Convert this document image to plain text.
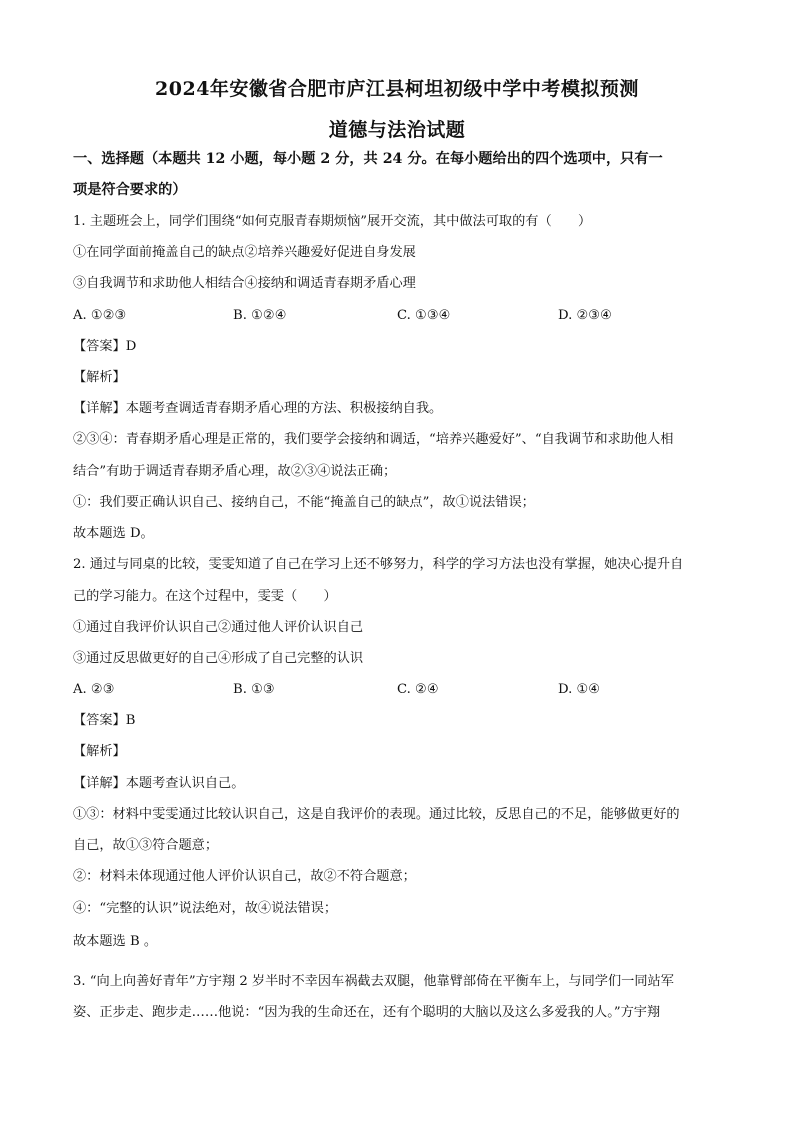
2024年安徽省合肥市庐江县柯坦初级中学中考模拟预测
道德与法治试题
一、选择题（本题共 12 小题，每小题 2 分，共 24 分。在每小题给出的四个选项中，只有一
项是符合要求的）
1. 主题班会上，同学们围绕“如何克服青春期烦恼”展开交流，其中做法可取的有（　　）
①在同学面前掩盖自己的缺点②培养兴趣爱好促进自身发展
③自我调节和求助他人相结合④接纳和调适青春期矛盾心理
A. ①②③	B. ①②④	C. ①③④	D. ②③④
【答案】D
【解析】
【详解】本题考查调适青春期矛盾心理的方法、积极接纳自我。
②③④：青春期矛盾心理是正常的，我们要学会接纳和调适，“培养兴趣爱好”、“自我调节和求助他人相
结合”有助于调适青春期矛盾心理，故②③④说法正确；
①：我们要正确认识自己、接纳自己，不能“掩盖自己的缺点”，故①说法错误；
故本题选 D。
2. 通过与同桌的比较，雯雯知道了自己在学习上还不够努力，科学的学习方法也没有掌握，她决心提升自
己的学习能力。在这个过程中，雯雯（　　）
①通过自我评价认识自己②通过他人评价认识自己
③通过反思做更好的自己④形成了自己完整的认识
A. ②③	B. ①③	C. ②④	D. ①④
【答案】B
【解析】
【详解】本题考查认识自己。
①③：材料中雯雯通过比较认识自己，这是自我评价的表现。通过比较，反思自己的不足，能够做更好的
自己，故①③符合题意；
②：材料未体现通过他人评价认识自己，故②不符合题意；
④：“完整的认识”说法绝对，故④说法错误；
故本题选 B 。
3. “向上向善好青年”方宇翔 2 岁半时不幸因车祸截去双腿，他靠臂部倚在平衡车上，与同学们一同站军
姿、正步走、跑步走……他说：“因为我的生命还在，还有个聪明的大脑以及这么多爱我的人。”方宇翔
